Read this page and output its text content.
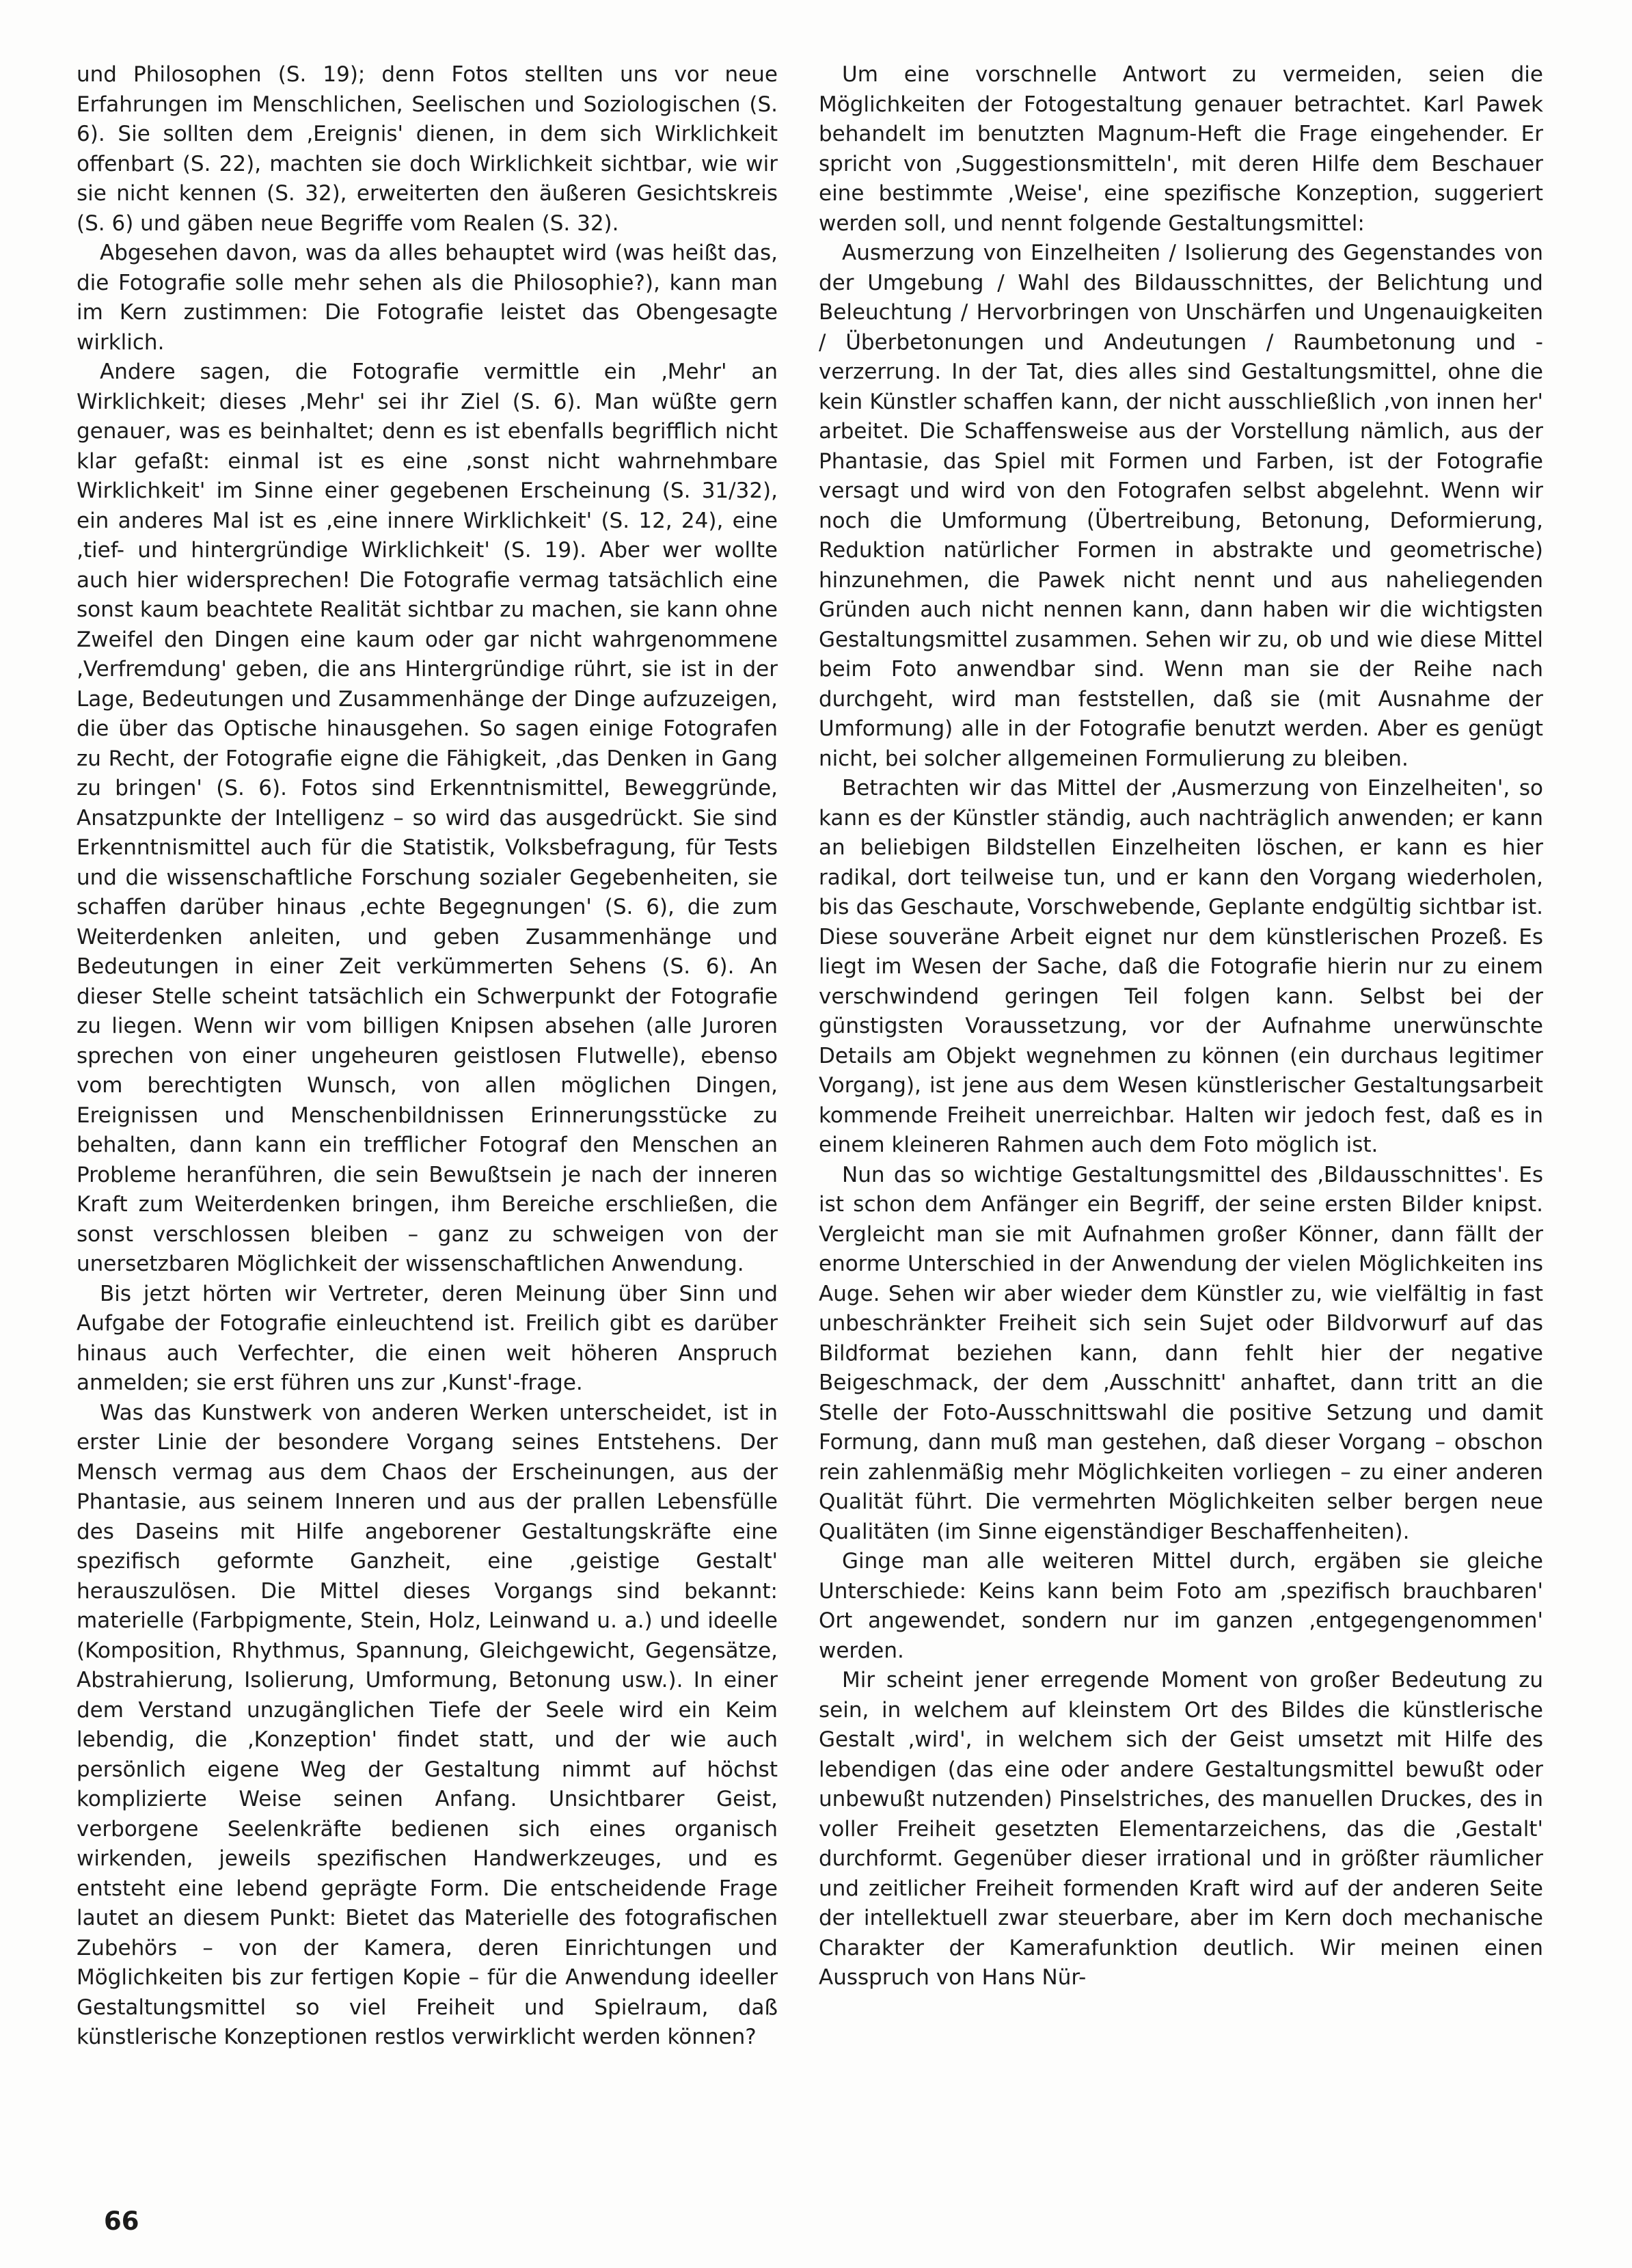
und Philosophen (S. 19); denn Fotos stellten uns vor neue Erfahrungen im Menschlichen, Seelischen und Soziologischen (S. 6). Sie sollten dem ‚Ereignis' dienen, in dem sich Wirklichkeit offenbart (S. 22), machten sie doch Wirklichkeit sichtbar, wie wir sie nicht kennen (S. 32), erweiterten den äußeren Gesichtskreis (S. 6) und gäben neue Begriffe vom Realen (S. 32).

Abgesehen davon, was da alles behauptet wird (was heißt das, die Fotografie solle mehr sehen als die Philosophie?), kann man im Kern zustimmen: Die Fotografie leistet das Obengesagte wirklich.

Andere sagen, die Fotografie vermittle ein ‚Mehr' an Wirklichkeit; dieses ‚Mehr' sei ihr Ziel (S. 6). Man wüßte gern genauer, was es beinhaltet; denn es ist ebenfalls begrifflich nicht klar gefaßt: einmal ist es eine ‚sonst nicht wahrnehmbare Wirklichkeit' im Sinne einer gegebenen Erscheinung (S. 31/32), ein anderes Mal ist es ‚eine innere Wirklichkeit' (S. 12, 24), eine ‚tief- und hintergründige Wirklichkeit' (S. 19). Aber wer wollte auch hier widersprechen! Die Fotografie vermag tatsächlich eine sonst kaum beachtete Realität sichtbar zu machen, sie kann ohne Zweifel den Dingen eine kaum oder gar nicht wahrgenommene ‚Verfremdung' geben, die ans Hintergründige rührt, sie ist in der Lage, Bedeutungen und Zusammenhänge der Dinge aufzuzeigen, die über das Optische hinausgehen. So sagen einige Fotografen zu Recht, der Fotografie eigne die Fähigkeit, ‚das Denken in Gang zu bringen' (S. 6). Fotos sind Erkenntnismittel, Beweggründe, Ansatzpunkte der Intelligenz – so wird das ausgedrückt. Sie sind Erkenntnismittel auch für die Statistik, Volksbefragung, für Tests und die wissenschaftliche Forschung sozialer Gegebenheiten, sie schaffen darüber hinaus ‚echte Begegnungen' (S. 6), die zum Weiterdenken anleiten, und geben Zusammenhänge und Bedeutungen in einer Zeit verkümmerten Sehens (S. 6). An dieser Stelle scheint tatsächlich ein Schwerpunkt der Fotografie zu liegen. Wenn wir vom billigen Knipsen absehen (alle Juroren sprechen von einer ungeheuren geistlosen Flutwelle), ebenso vom berechtigten Wunsch, von allen möglichen Dingen, Ereignissen und Menschenbildnissen Erinnerungsstücke zu behalten, dann kann ein trefflicher Fotograf den Menschen an Probleme heranführen, die sein Bewußtsein je nach der inneren Kraft zum Weiterdenken bringen, ihm Bereiche erschließen, die sonst verschlossen bleiben – ganz zu schweigen von der unersetzbaren Möglichkeit der wissenschaftlichen Anwendung.

Bis jetzt hörten wir Vertreter, deren Meinung über Sinn und Aufgabe der Fotografie einleuchtend ist. Freilich gibt es darüber hinaus auch Verfechter, die einen weit höheren Anspruch anmelden; sie erst führen uns zur ‚Kunst'-frage.

Was das Kunstwerk von anderen Werken unterscheidet, ist in erster Linie der besondere Vorgang seines Entstehens. Der Mensch vermag aus dem Chaos der Erscheinungen, aus der Phantasie, aus seinem Inneren und aus der prallen Lebensfülle des Daseins mit Hilfe angeborener Gestaltungskräfte eine spezifisch geformte Ganzheit, eine ‚geistige Gestalt' herauszulösen. Die Mittel dieses Vorgangs sind bekannt: materielle (Farbpigmente, Stein, Holz, Leinwand u. a.) und ideelle (Komposition, Rhythmus, Spannung, Gleichgewicht, Gegensätze, Abstrahierung, Isolierung, Umformung, Betonung usw.). In einer dem Verstand unzugänglichen Tiefe der Seele wird ein Keim lebendig, die ‚Konzeption' findet statt, und der wie auch persönlich eigene Weg der Gestaltung nimmt auf höchst komplizierte Weise seinen Anfang. Unsichtbarer Geist, verborgene Seelenkräfte bedienen sich eines organisch wirkenden, jeweils spezifischen Handwerkzeuges, und es entsteht eine lebend geprägte Form. Die entscheidende Frage lautet an diesem Punkt: Bietet das Materielle des fotografischen Zubehörs – von der Kamera, deren Einrichtungen und Möglichkeiten bis zur fertigen Kopie – für die Anwendung ideeller Gestaltungsmittel so viel Freiheit und Spielraum, daß künstlerische Konzeptionen restlos verwirklicht werden können?

Um eine vorschnelle Antwort zu vermeiden, seien die Möglichkeiten der Fotogestaltung genauer betrachtet. Karl Pawek behandelt im benutzten Magnum-Heft die Frage eingehender. Er spricht von ‚Suggestionsmitteln', mit deren Hilfe dem Beschauer eine bestimmte ‚Weise', eine spezifische Konzeption, suggeriert werden soll, und nennt folgende Gestaltungsmittel:

Ausmerzung von Einzelheiten / Isolierung des Gegenstandes von der Umgebung / Wahl des Bildausschnittes, der Belichtung und Beleuchtung / Hervorbringen von Unschärfen und Ungenauigkeiten / Überbetonungen und Andeutungen / Raumbetonung und -verzerrung. In der Tat, dies alles sind Gestaltungsmittel, ohne die kein Künstler schaffen kann, der nicht ausschließlich ‚von innen her' arbeitet. Die Schaffensweise aus der Vorstellung nämlich, aus der Phantasie, das Spiel mit Formen und Farben, ist der Fotografie versagt und wird von den Fotografen selbst abgelehnt. Wenn wir noch die Umformung (Übertreibung, Betonung, Deformierung, Reduktion natürlicher Formen in abstrakte und geometrische) hinzunehmen, die Pawek nicht nennt und aus naheliegenden Gründen auch nicht nennen kann, dann haben wir die wichtigsten Gestaltungsmittel zusammen. Sehen wir zu, ob und wie diese Mittel beim Foto anwendbar sind. Wenn man sie der Reihe nach durchgeht, wird man feststellen, daß sie (mit Ausnahme der Umformung) alle in der Fotografie benutzt werden. Aber es genügt nicht, bei solcher allgemeinen Formulierung zu bleiben.

Betrachten wir das Mittel der ‚Ausmerzung von Einzelheiten', so kann es der Künstler ständig, auch nachträglich anwenden; er kann an beliebigen Bildstellen Einzelheiten löschen, er kann es hier radikal, dort teilweise tun, und er kann den Vorgang wiederholen, bis das Geschaute, Vorschwebende, Geplante endgültig sichtbar ist. Diese souveräne Arbeit eignet nur dem künstlerischen Prozeß. Es liegt im Wesen der Sache, daß die Fotografie hierin nur zu einem verschwindend geringen Teil folgen kann. Selbst bei der günstigsten Voraussetzung, vor der Aufnahme unerwünschte Details am Objekt wegnehmen zu können (ein durchaus legitimer Vorgang), ist jene aus dem Wesen künstlerischer Gestaltungsarbeit kommende Freiheit unerreichbar. Halten wir jedoch fest, daß es in einem kleineren Rahmen auch dem Foto möglich ist.

Nun das so wichtige Gestaltungsmittel des ‚Bildausschnittes'. Es ist schon dem Anfänger ein Begriff, der seine ersten Bilder knipst. Vergleicht man sie mit Aufnahmen großer Könner, dann fällt der enorme Unterschied in der Anwendung der vielen Möglichkeiten ins Auge. Sehen wir aber wieder dem Künstler zu, wie vielfältig in fast unbeschränkter Freiheit sich sein Sujet oder Bildvorwurf auf das Bildformat beziehen kann, dann fehlt hier der negative Beigeschmack, der dem ‚Ausschnitt' anhaftet, dann tritt an die Stelle der Foto-Ausschnittswahl die positive Setzung und damit Formung, dann muß man gestehen, daß dieser Vorgang – obschon rein zahlenmäßig mehr Möglichkeiten vorliegen – zu einer anderen Qualität führt. Die vermehrten Möglichkeiten selber bergen neue Qualitäten (im Sinne eigenständiger Beschaffenheiten).

Ginge man alle weiteren Mittel durch, ergäben sie gleiche Unterschiede: Keins kann beim Foto am ‚spezifisch brauchbaren' Ort angewendet, sondern nur im ganzen ‚entgegengenommen' werden.

Mir scheint jener erregende Moment von großer Bedeutung zu sein, in welchem auf kleinstem Ort des Bildes die künstlerische Gestalt ‚wird', in welchem sich der Geist umsetzt mit Hilfe des lebendigen (das eine oder andere Gestaltungsmittel bewußt oder unbewußt nutzenden) Pinselstriches, des manuellen Druckes, des in voller Freiheit gesetzten Elementarzeichens, das die ‚Gestalt' durchformt. Gegenüber dieser irrational und in größter räumlicher und zeitlicher Freiheit formenden Kraft wird auf der anderen Seite der intellektuell zwar steuerbare, aber im Kern doch mechanische Charakter der Kamerafunktion deutlich. Wir meinen einen Ausspruch von Hans Nür-

66
